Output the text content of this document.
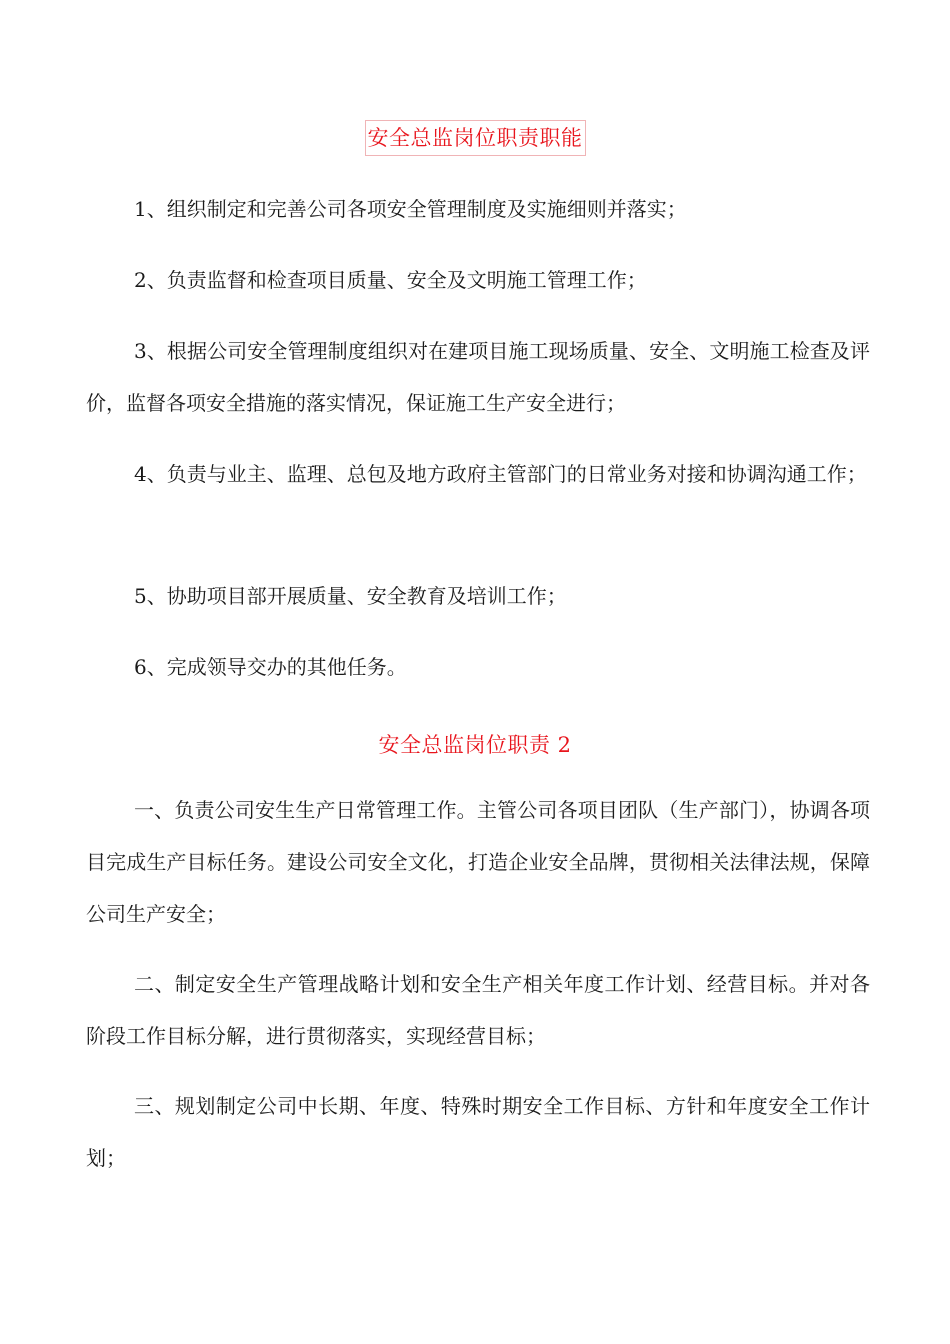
安全总监岗位职责职能

1、组织制定和完善公司各项安全管理制度及实施细则并落实；

2、负责监督和检查项目质量、安全及文明施工管理工作；

3、根据公司安全管理制度组织对在建项目施工现场质量、安全、文明施工检查及评价，监督各项安全措施的落实情况，保证施工生产安全进行；

4、负责与业主、监理、总包及地方政府主管部门的日常业务对接和协调沟通工作；

5、协助项目部开展质量、安全教育及培训工作；

6、完成领导交办的其他任务。

安全总监岗位职责 2

一、负责公司安生生产日常管理工作。主管公司各项目团队（生产部门），协调各项目完成生产目标任务。建设公司安全文化，打造企业安全品牌，贯彻相关法律法规，保障公司生产安全；

二、制定安全生产管理战略计划和安全生产相关年度工作计划、经营目标。并对各阶段工作目标分解，进行贯彻落实，实现经营目标；

三、规划制定公司中长期、年度、特殊时期安全工作目标、方针和年度安全工作计划；
